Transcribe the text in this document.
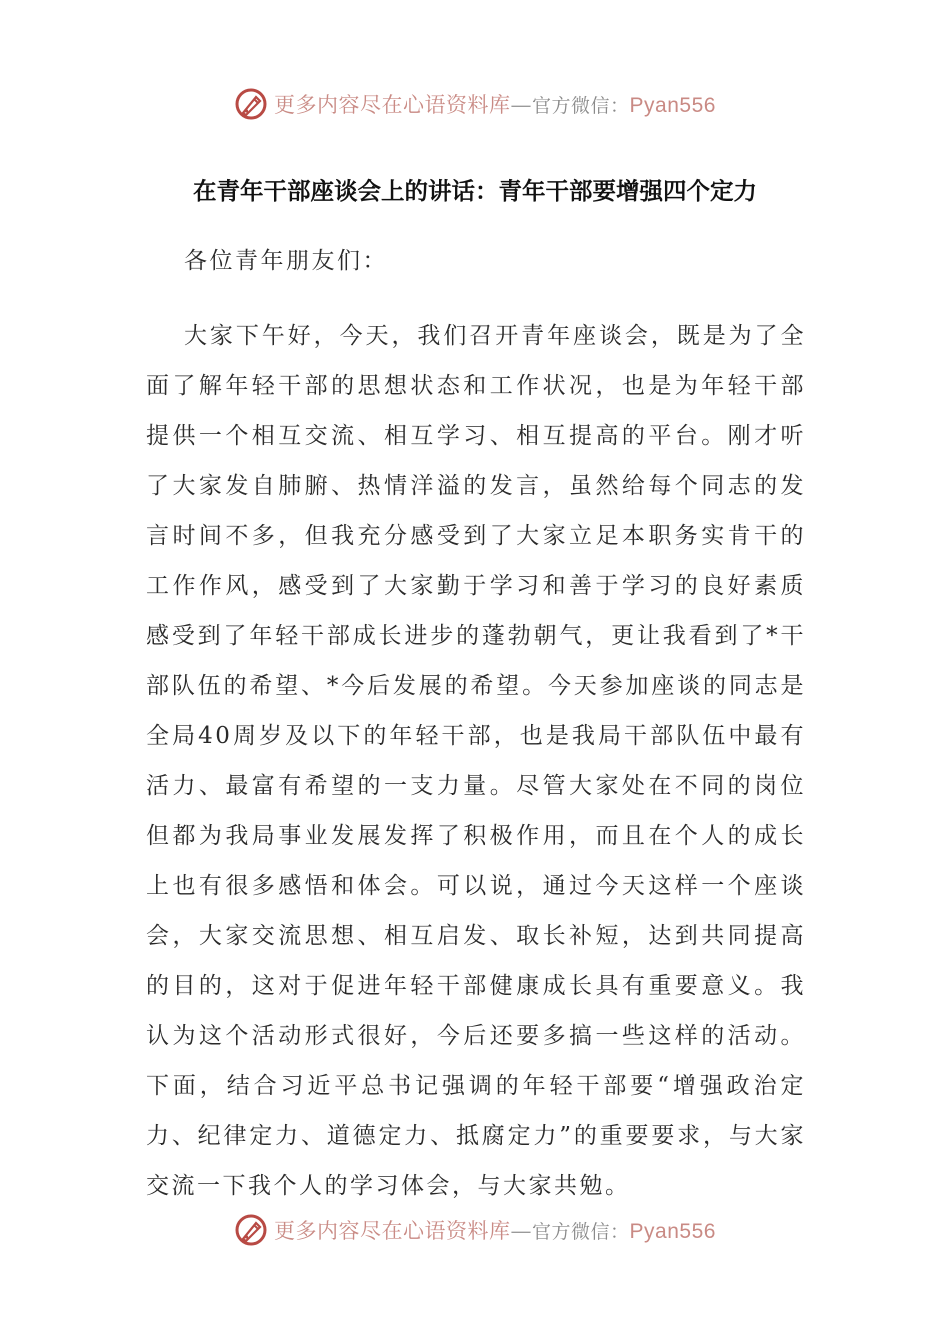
更多内容尽在心语资料库—官方微信：Pyan556
在青年干部座谈会上的讲话：青年干部要增强四个定力

各位青年朋友们：

大家下午好，今天，我们召开青年座谈会，既是为了全面了解年轻干部的思想状态和工作状况，也是为年轻干部提供一个相互交流、相互学习、相互提高的平台。刚才听了大家发自肺腑、热情洋溢的发言，虽然给每个同志的发言时间不多，但我充分感受到了大家立足本职务实肯干的工作作风，感受到了大家勤于学习和善于学习的良好素质感受到了年轻干部成长进步的蓬勃朝气，更让我看到了*干部队伍的希望、*今后发展的希望。今天参加座谈的同志是全局40周岁及以下的年轻干部，也是我局干部队伍中最有活力、最富有希望的一支力量。尽管大家处在不同的岗位但都为我局事业发展发挥了积极作用，而且在个人的成长上也有很多感悟和体会。可以说，通过今天这样一个座谈会，大家交流思想、相互启发、取长补短，达到共同提高的目的，这对于促进年轻干部健康成长具有重要意义。我认为这个活动形式很好，今后还要多搞一些这样的活动。下面，结合习近平总书记强调的年轻干部要“增强政治定力、纪律定力、道德定力、抵腐定力”的重要要求，与大家交流一下我个人的学习体会，与大家共勉。

更多内容尽在心语资料库—官方微信：Pyan556
